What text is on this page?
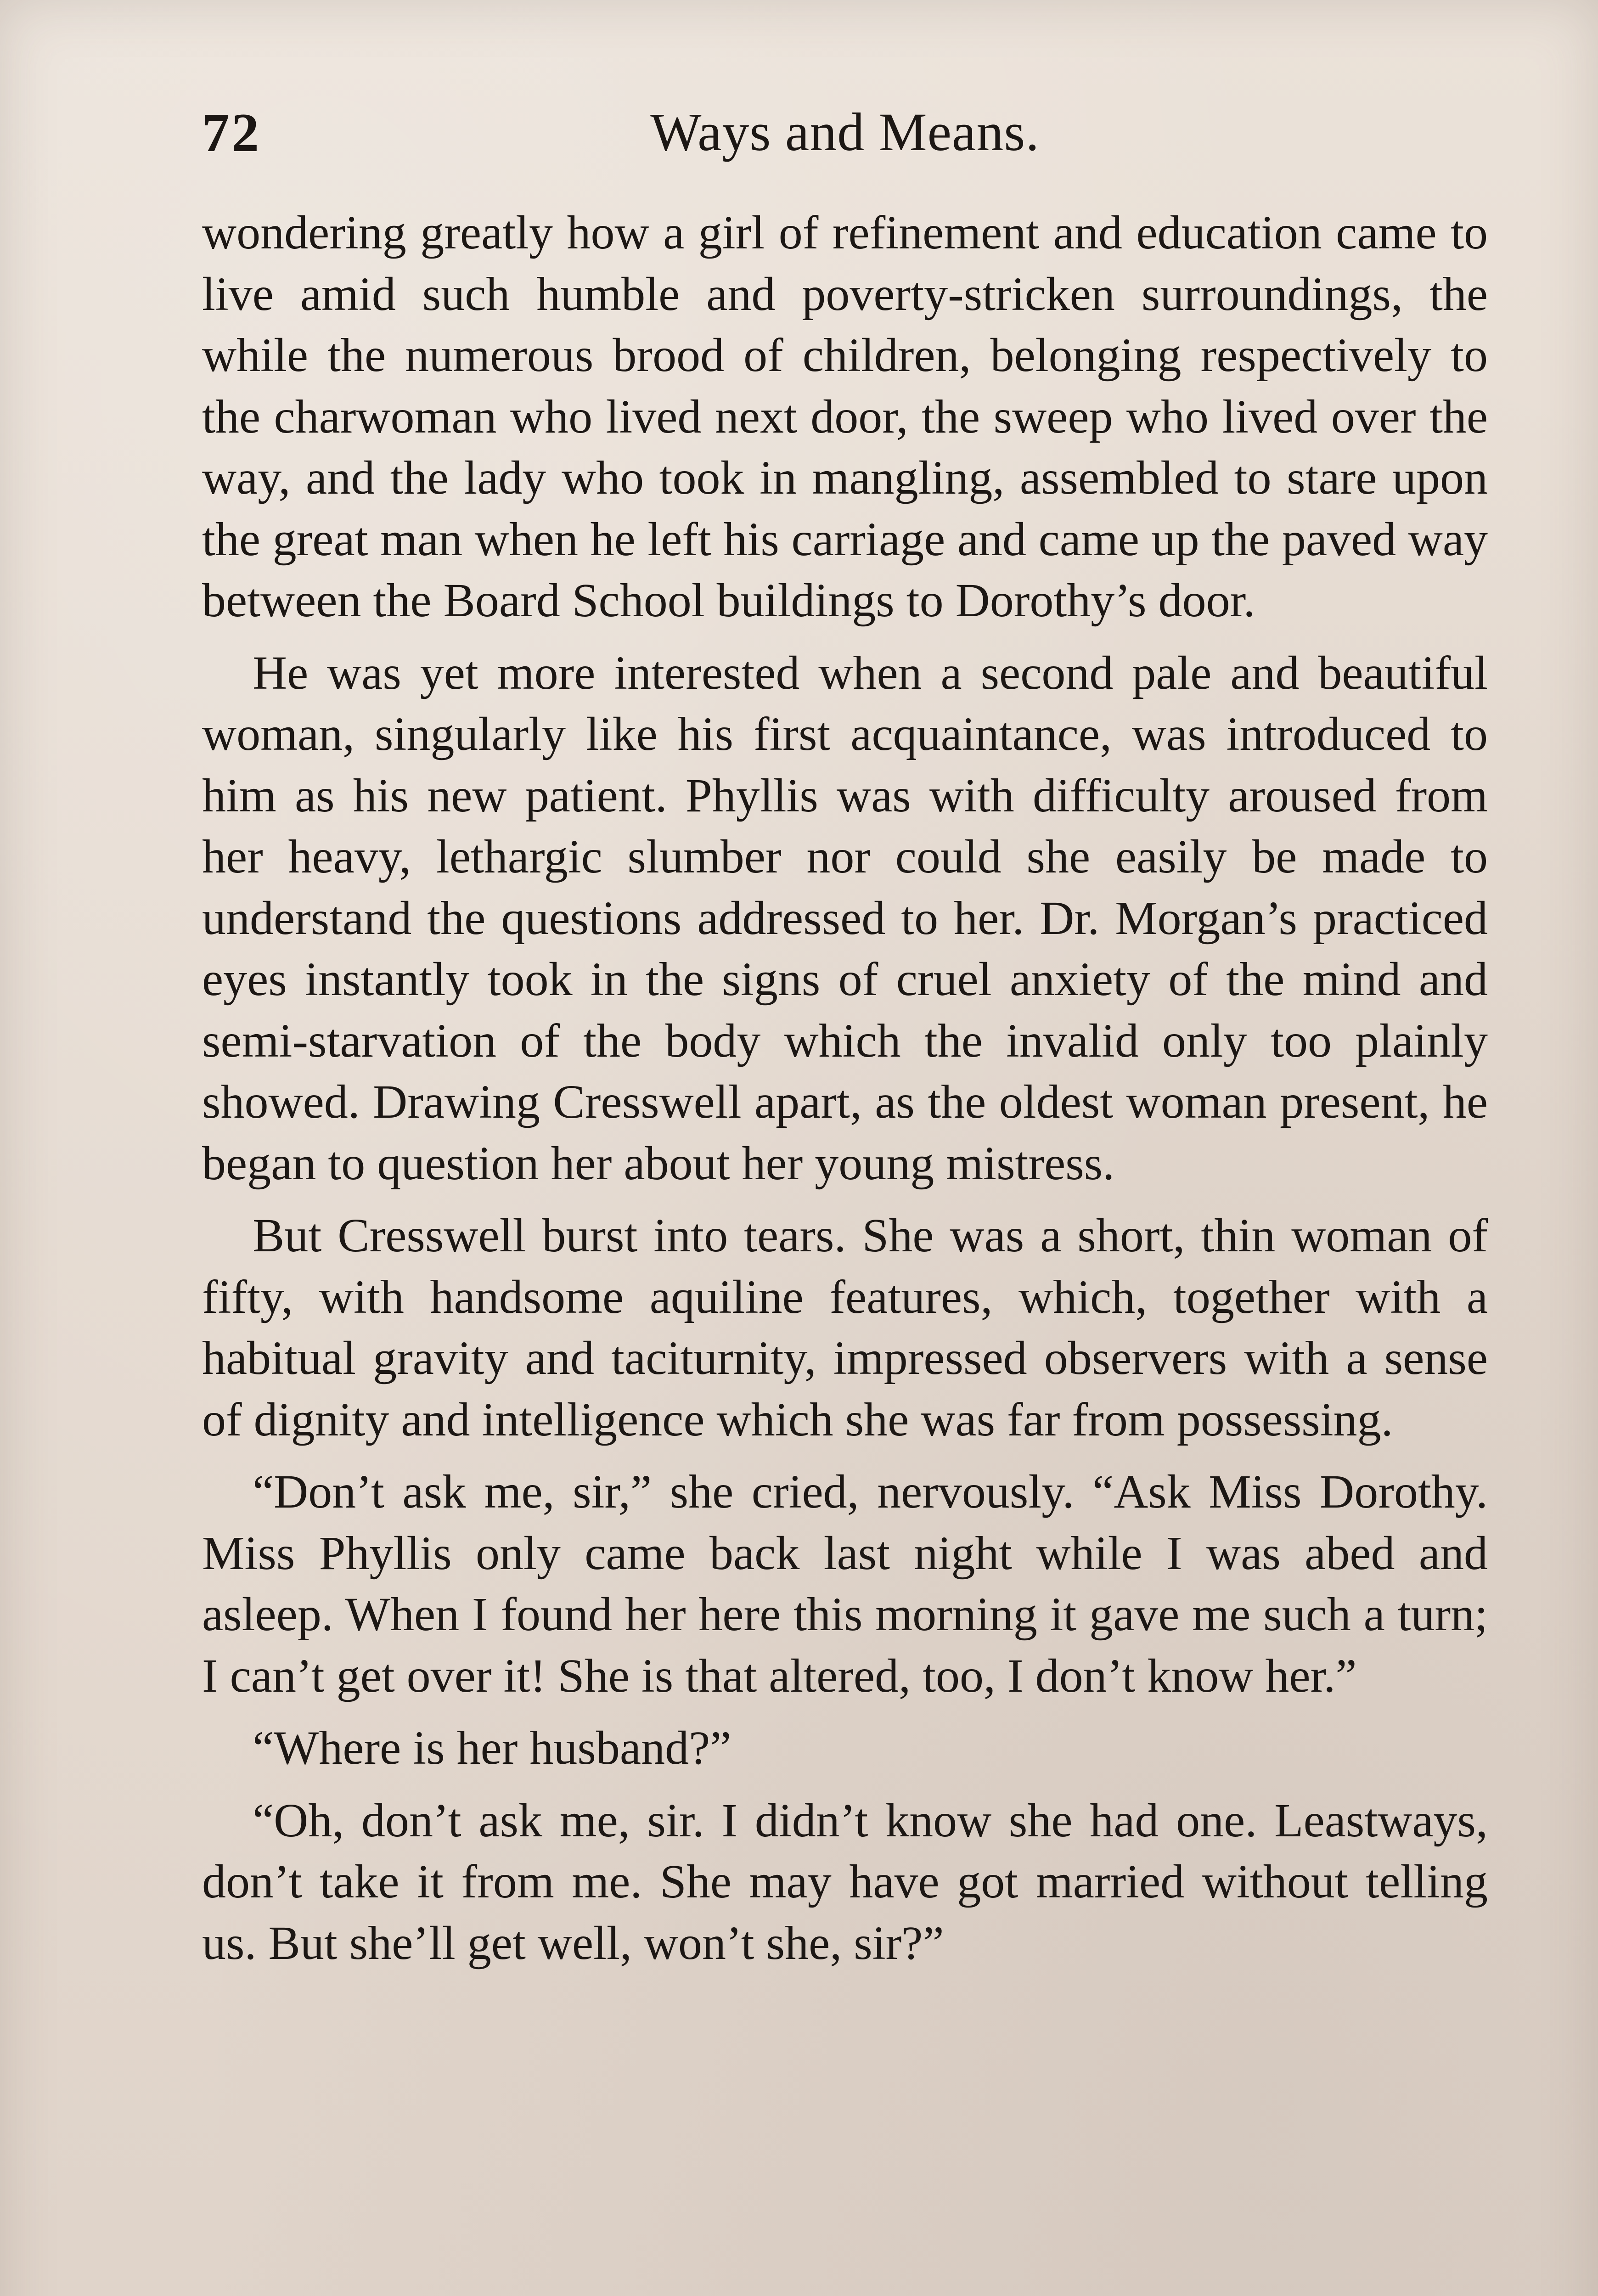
72	Ways and Means.

wondering greatly how a girl of refinement and education came to live amid such humble and poverty-stricken surroundings, the while the numerous brood of children, belonging respectively to the charwoman who lived next door, the sweep who lived over the way, and the lady who took in mangling, assembled to stare upon the great man when he left his carriage and came up the paved way between the Board School buildings to Dorothy’s door.

He was yet more interested when a second pale and beautiful woman, singularly like his first acquaintance, was introduced to him as his new patient. Phyllis was with difficulty aroused from her heavy, lethargic slumber nor could she easily be made to understand the questions addressed to her. Dr. Morgan’s practiced eyes instantly took in the signs of cruel anxiety of the mind and semi-starvation of the body which the invalid only too plainly showed. Drawing Cresswell apart, as the oldest woman present, he began to question her about her young mistress.

But Cresswell burst into tears. She was a short, thin woman of fifty, with handsome aquiline features, which, together with a habitual gravity and taciturnity, impressed observers with a sense of dignity and intelligence which she was far from possessing.

“Don’t ask me, sir,” she cried, nervously. “Ask Miss Dorothy. Miss Phyllis only came back last night while I was abed and asleep. When I found her here this morning it gave me such a turn; I can’t get over it! She is that altered, too, I don’t know her.”

“Where is her husband?”

“Oh, don’t ask me, sir. I didn’t know she had one. Leastways, don’t take it from me. She may have got married without telling us. But she’ll get well, won’t she, sir?”
